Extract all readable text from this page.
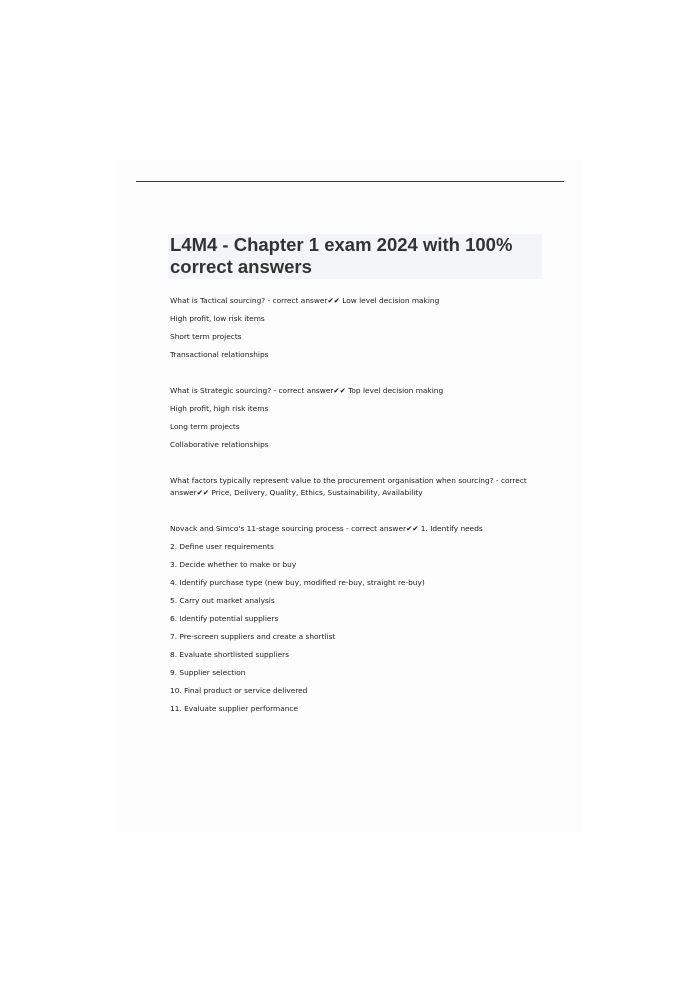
L4M4 - Chapter 1 exam 2024 with 100% correct answers

What is Tactical sourcing? - correct answer✔✔ Low level decision making

High profit, low risk items

Short term projects

Transactional relationships

What is Strategic sourcing? - correct answer✔✔ Top level decision making

High profit, high risk items

Long term projects

Collaborative relationships

What factors typically represent value to the procurement organisation when sourcing? - correct answer✔✔ Price, Delivery, Quality, Ethics, Sustainability, Availability

Novack and Simco's 11-stage sourcing process - correct answer✔✔ 1. Identify needs

2. Define user requirements

3. Decide whether to make or buy

4. Identify purchase type (new buy, modified re-buy, straight re-buy)

5. Carry out market analysis

6. Identify potential suppliers

7. Pre-screen suppliers and create a shortlist

8. Evaluate shortlisted suppliers

9. Supplier selection

10. Final product or service delivered

11. Evaluate supplier performance
